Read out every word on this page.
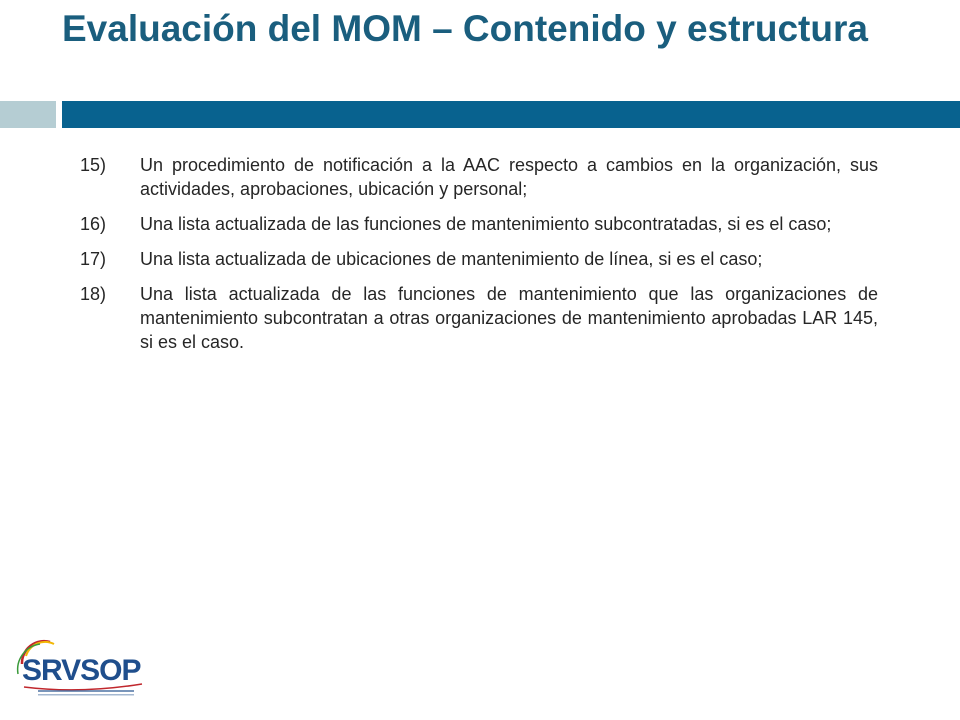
Evaluación del MOM – Contenido y estructura
15) Un procedimiento de notificación a la AAC respecto a cambios en la organización, sus actividades, aprobaciones, ubicación y personal;
16) Una lista actualizada de las funciones de mantenimiento subcontratadas, si es el caso;
17) Una lista actualizada de ubicaciones de mantenimiento de línea, si es el caso;
18) Una lista actualizada de las funciones de mantenimiento que las organizaciones de mantenimiento subcontratan a otras organizaciones de mantenimiento aprobadas LAR 145, si es el caso.
SRVSOP
